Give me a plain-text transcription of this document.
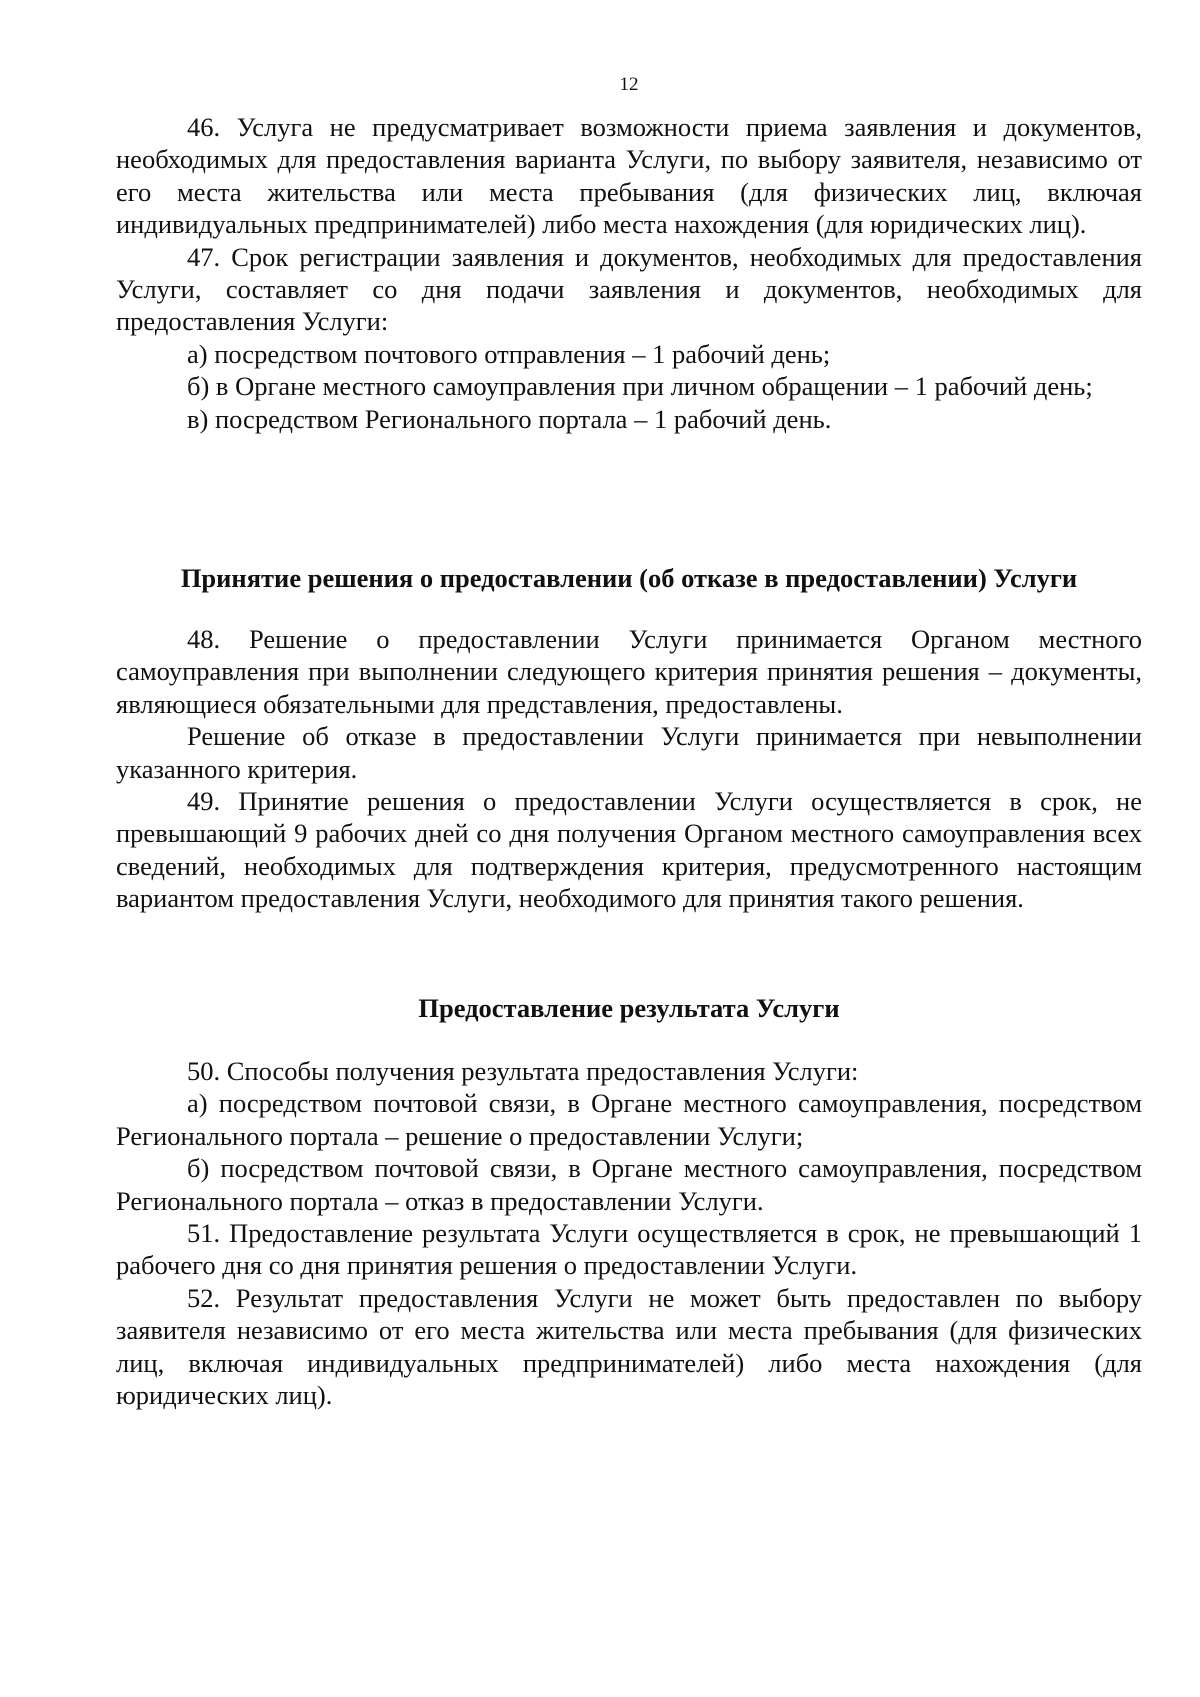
12

46. Услуга не предусматривает возможности приема заявления и документов, необходимых для предоставления варианта Услуги, по выбору заявителя, независимо от его места жительства или места пребывания (для физических лиц, включая индивидуальных предпринимателей) либо места нахождения (для юридических лиц).

47. Срок регистрации заявления и документов, необходимых для предоставления Услуги, составляет со дня подачи заявления и документов, необходимых для предоставления Услуги:

а) посредством почтового отправления – 1 рабочий день;

б) в Органе местного самоуправления при личном обращении – 1 рабочий день;

в) посредством Регионального портала – 1 рабочий день.

Принятие решения о предоставлении (об отказе в предоставлении) Услуги

48. Решение о предоставлении Услуги принимается Органом местного самоуправления при выполнении следующего критерия принятия решения – документы, являющиеся обязательными для представления, предоставлены.

Решение об отказе в предоставлении Услуги принимается при невыполнении указанного критерия.

49. Принятие решения о предоставлении Услуги осуществляется в срок, не превышающий 9 рабочих дней со дня получения Органом местного самоуправления всех сведений, необходимых для подтверждения критерия, предусмотренного настоящим вариантом предоставления Услуги, необходимого для принятия такого решения.

Предоставление результата Услуги

50. Способы получения результата предоставления Услуги:

а) посредством почтовой связи, в Органе местного самоуправления, посредством Регионального портала – решение о предоставлении Услуги;

б) посредством почтовой связи, в Органе местного самоуправления, посредством Регионального портала – отказ в предоставлении Услуги.

51. Предоставление результата Услуги осуществляется в срок, не превышающий 1 рабочего дня со дня принятия решения о предоставлении Услуги.

52. Результат предоставления Услуги не может быть предоставлен по выбору заявителя независимо от его места жительства или места пребывания (для физических лиц, включая индивидуальных предпринимателей) либо места нахождения (для юридических лиц).
